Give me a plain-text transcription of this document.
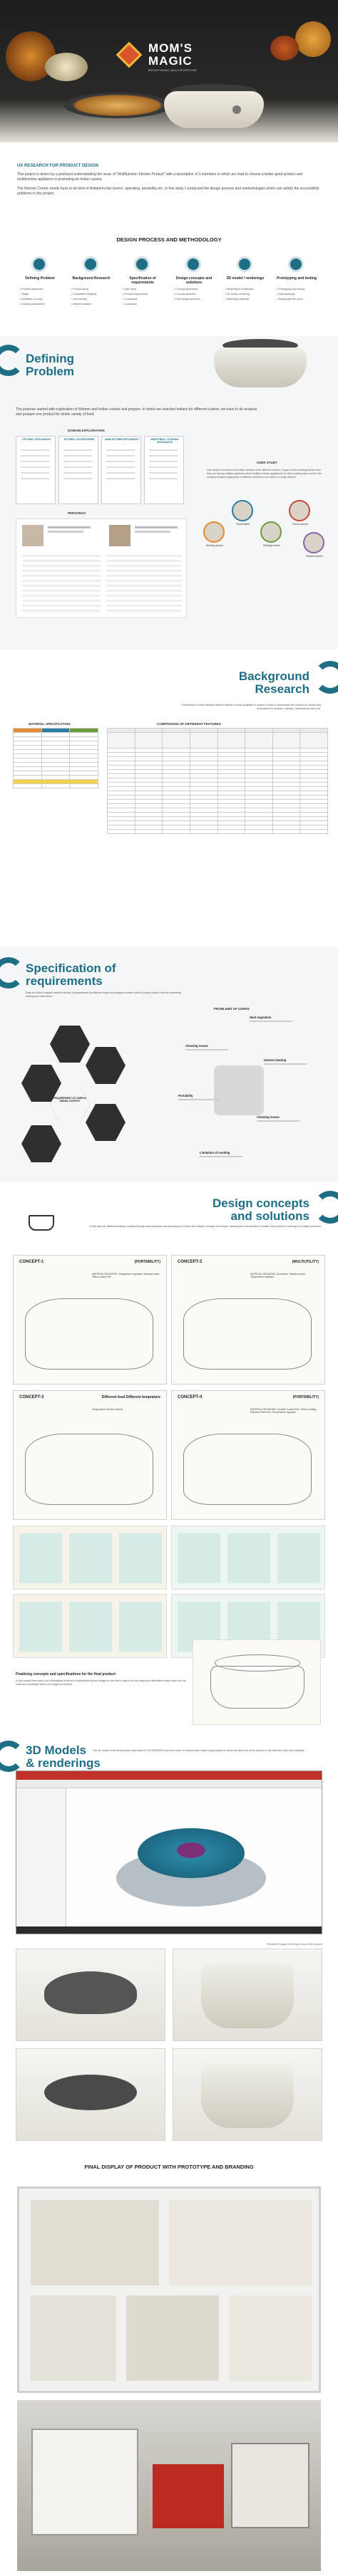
MOM'S
MAGIC
REDEFINING MULTIPURPOSE
UX RESEARCH FOR PRODUCT DESIGN
This project is driven by a profound understanding the issue of "Multifunction Kitchen Product" with a description of 3 members in which are lead to choose a better good product and multifunction appliance in promoting an Indian cuisine.
The Women Centric needs have to be kind of limitations like burner, operating, portability etc. In this study I conducted the design process and methodologies which can satisfy the accessibility problems in this project.
DESIGN PROCESS AND METHODOLOGY
Defining Problem
• Problem statement
• Target
• Definition of scope
• Solution parameters
Background Research
• Product study
• Competitive Analysis
• User studies
• Market research
Specification of requirements
• User need
• Product requirement
• Constraints
• Conclusion
Design concepts and solutions
• Concept generation
• Concept selection
• Final design selection
3D model / renderings
• Modelling in Solidworks
• 3D model rendering
• Modelling materials
Prototyping and testing
• Prototyping and testing
• Final prototype
• Testing with the users
Defining
Problem
The purpose started with exploration of Women and Indian cuisine and prepare. In which we selected Indians for different cuisine, we have to do analysis and prepare one product for whole variety of food.
DOMAIN EXPLORATION
OPTIONS / APPLIANCES	KITCHEN / ACCESSORIES	MAIN KITCHEN APPLIANCES	INDUSTRIAL / COOKING APPLIANCES
PERSONAS
USER STUDY
User study is focused to the daily routines of the different women, 3 types of the working women and they are facing multiple problems about multiple kitchen appliances for their cooking style, and for the cooking multiple equipments of different varieties to be used in a single kitchen.
Working women
Homemaker
Working women
Senior woman
Student women
Background
Research
Comparison is done between different kitchen models available in market in order to benchmark the product for market and understand it's features, capacity, materials and the cost.
MATERIAL SPECIFICATION

			COMPARISON OF DIFFERENT FEATURES

Specification of
requirements
Data is a final & majorly decided directly & proportioned by different study and analysis problem which is study study & let's be presenting making and meet issue.
REQUIREMENT OF USER IN INDIAN CONTEXT
PROBLEMS OF USERS
Heat regulation
Cleaning issues
Uneven heating
Portability
Cleaning issues
Limitation of cooking
Design concepts
and solutions
In this part we initiated ideating concepts through hand sketches and according to it there are multiple concepts developed, following we had decided to finalize one product to redesign to multiple problems
CONCEPT-1	(PORTABILITY)
MATERIAL REQUIRED: Temperature regulator, Stainless steel, Teflon coated Pan
CONCEPT-2	(MULTIUTILITY)
MATERIAL REQUIRED: Aluminium, Stainless steel, Temperature regulator
CONCEPT-3	Different food Different temprature
Temperature Section buttons
CONCEPT-4	(PORTABILITY)
MATERIAL REQUIRED: Ceramic Coated Pan, Teflon Coating, Stainless Steel tool, Temperature regulator
Finalizing concepts and specifications for the final product
In this project there was a lot of limitations in terms of manufacturing and budget so we tried to figure out the things and affirmative ideas which we can make as a prototype within our budget as solution.
3D Models
& renderings
The 3D model of the final product was made in SOLIDWORKS and then some of renders were made using keyshot to show the final look of the product in the selected color and materials.
Rendered images in the final color of the product
FINAL DISPLAY OF PRODUCT WITH PROTOTYPE AND BRANDING
